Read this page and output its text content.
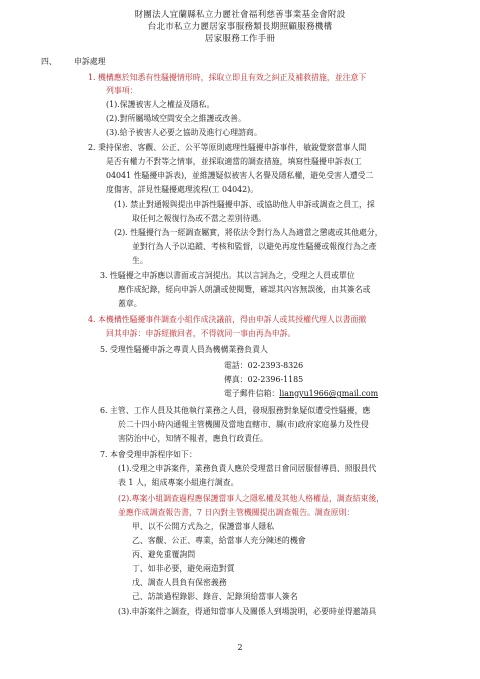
財團法人宜蘭縣私立力麗社會福利慈善事業基金會附設
台北市私立力麗居家事服務類長期照顧服務機構
居家服務工作手冊
四、 申訴處理
1. 機構應於知悉有性騷擾情形時，採取立即且有效之糾正及補救措施，並注意下
列事項：
(1).保護被害人之權益及隱私。
(2).對所屬場域空間安全之維護或改善。
(3).給予被害人必要之協助及進行心理諮商。
2. 秉持保密、客觀、公正、公平等原則處理性騷擾申訴事件，敏銳覺察當事人間
是否有權力不對等之情事，並採取適當的調查措施，填寫性騷擾申訴表(工
04041 性騷擾申訴表)，並維護疑似被害人名譽及隱私權，避免受害人遭受二
度傷害，詳見性騷擾處理流程(工 04042)。
(1). 禁止對通報與提出申訴性騷擾申訴、或協助他人申訴或調查之員工，採
取任何之報復行為或不當之差別待遇。
(2). 性騷擾行為一經調查屬實，將依法令對行為人為適當之懲處或其他處分，
並對行為人予以追蹤、考核和監督，以避免再度性騷擾或報復行為之產
生。
3. 性騷擾之申訴應以書面或言詞提出。其以言詞為之，受理之人員或單位
應作成紀錄，經向申訴人朗讀或使閱覽，確認其內容無誤後，由其簽名或
蓋章。
4. 本機構性騷擾事件調查小組作成決議前，得由申訴人或其授權代理人以書面撤
回其申訴：申訴經撤回者，不得就同一事由再為申訴。
5. 受理性騷擾申訴之專責人員為機構業務負責人
電話：02-2393-8326
傳真：02-2396-1185
電子郵件信箱：liangyu1966@gmail.com
6. 主管、工作人員及其他執行業務之人員，發現服務對象疑似遭受性騷擾，應
於二十四小時內通報主管機關及當地直轄市、縣(市)政府家庭暴力及性侵
害防治中心，知情不報者，應負行政責任。
7. 本會受理申訴程序如下：
(1).受理之申訴案件，業務負責人應於受理當日會同居服督導員、照服員代
表 1 人，組成專案小組進行調查。
(2).專案小組調查過程應保護當事人之隱私權及其他人格權益，調查結束後，
並應作成調查報告書，7 日內對主管機關提出調查報告。調查原則：
甲、以不公開方式為之，保護當事人隱私
乙、客觀、公正、專業，給當事人充分陳述的機會
丙、避免重覆詢問
丁、如非必要，避免兩造對質
戊、調查人員負有保密義務
己、訪談過程錄影、錄音、記錄須給當事人簽名
(3).申訴案件之調查，得通知當事人及關係人到場說明，必要時並得邀請具
2
